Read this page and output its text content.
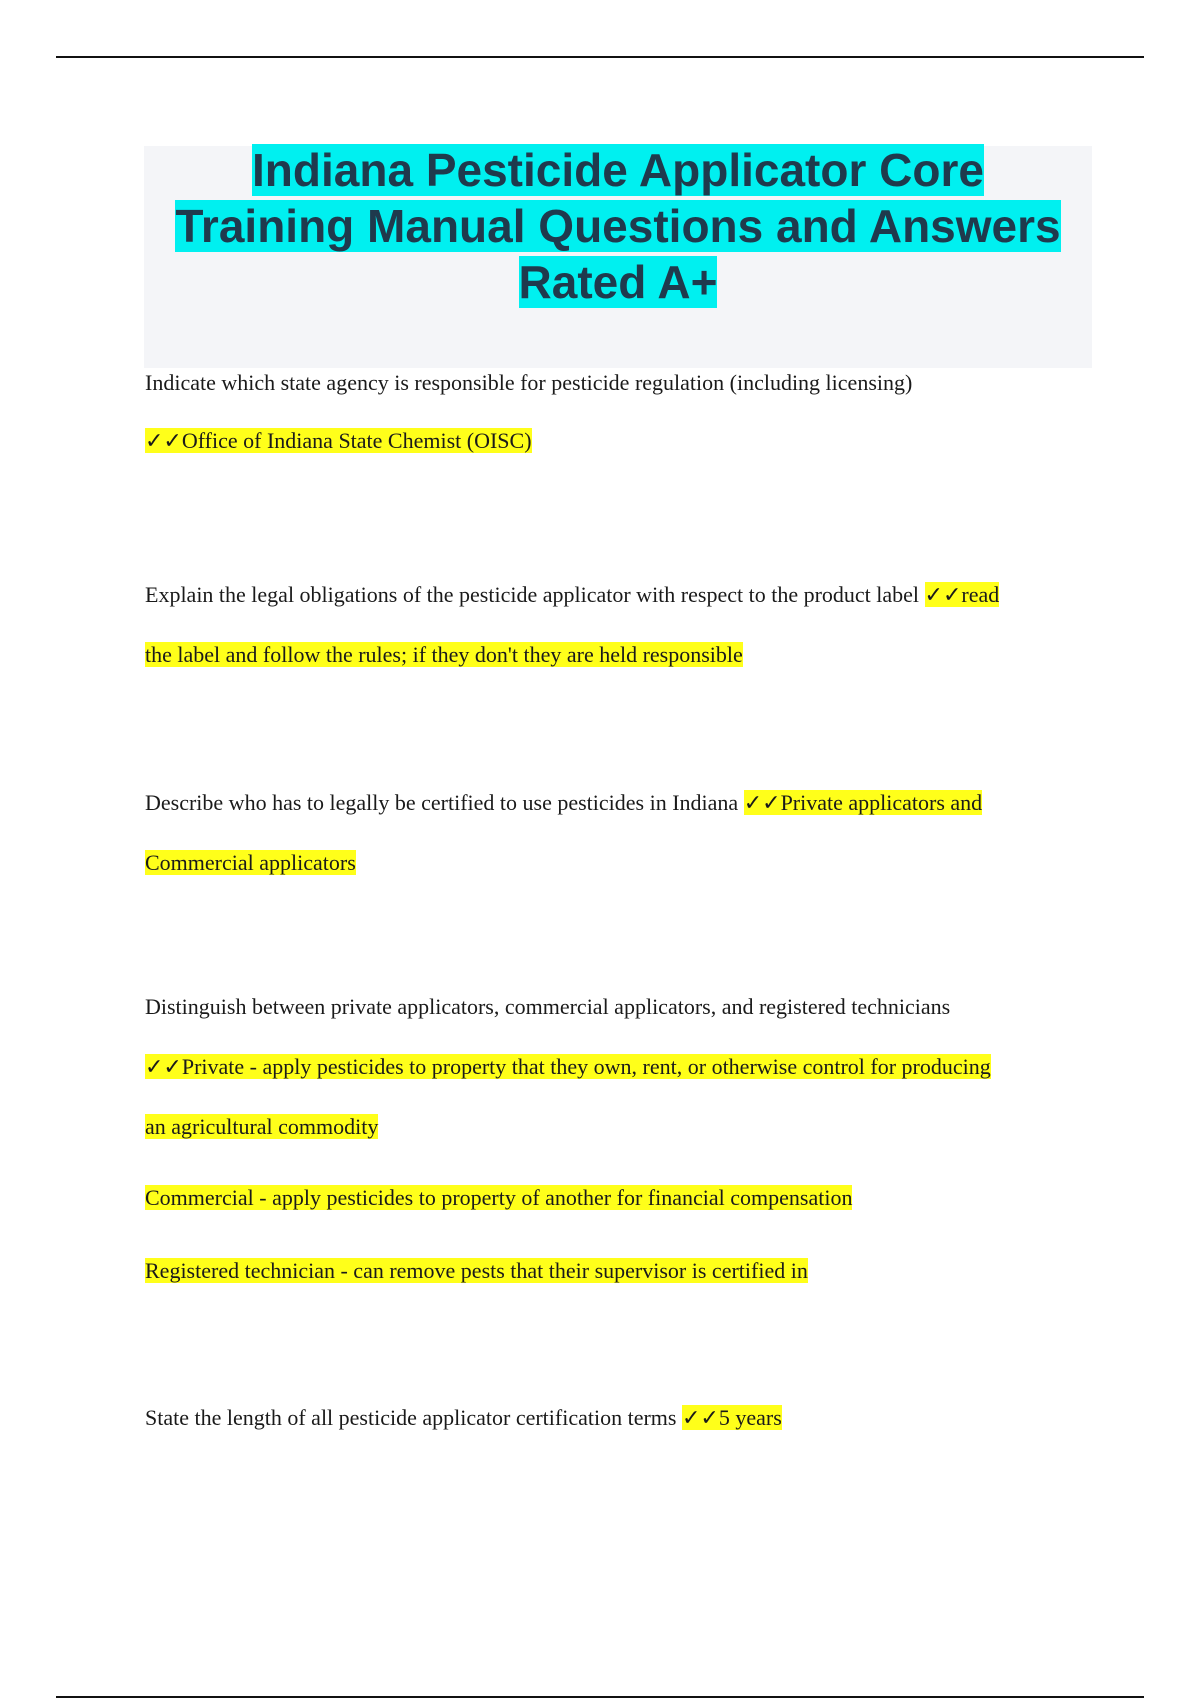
Indiana Pesticide Applicator Core
Training Manual Questions and Answers
Rated A+
Indicate which state agency is responsible for pesticide regulation (including licensing)
✓✓Office of Indiana State Chemist (OISC)
Explain the legal obligations of the pesticide applicator with respect to the product label ✓✓read
the label and follow the rules; if they don't they are held responsible
Describe who has to legally be certified to use pesticides in Indiana ✓✓Private applicators and
Commercial applicators
Distinguish between private applicators, commercial applicators, and registered technicians
✓✓Private - apply pesticides to property that they own, rent, or otherwise control for producing
an agricultural commodity
Commercial - apply pesticides to property of another for financial compensation
Registered technician - can remove pests that their supervisor is certified in
State the length of all pesticide applicator certification terms ✓✓5 years
